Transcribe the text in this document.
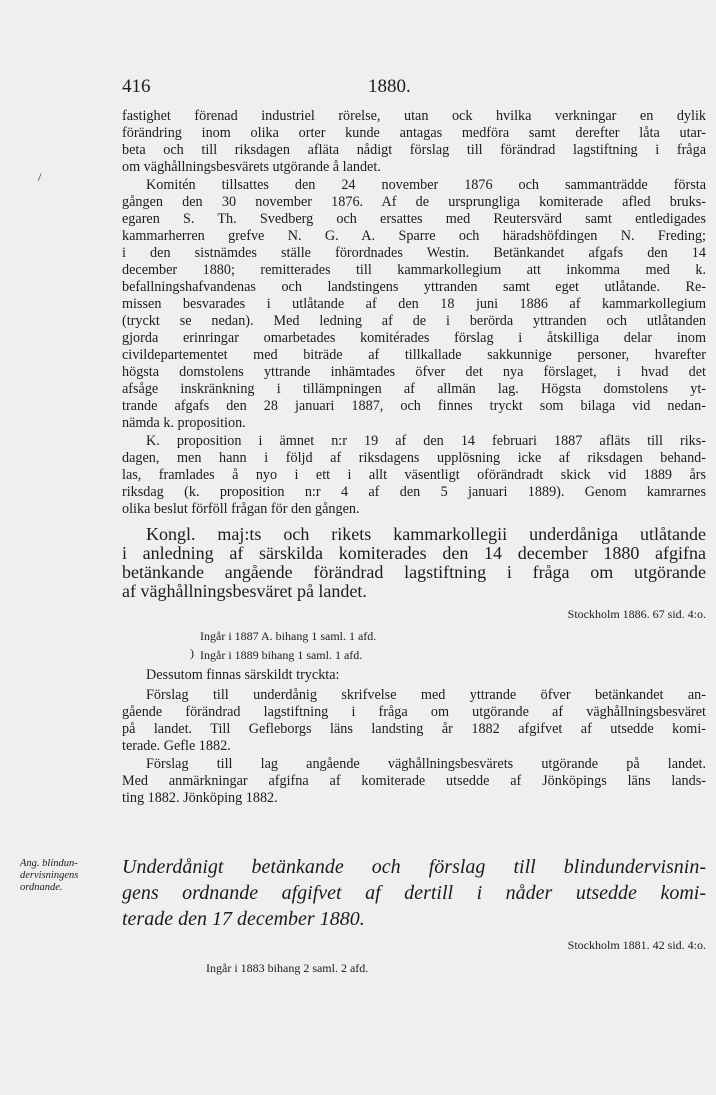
416	1880.
/
fastighet förenad industriel rörelse, utan ock hvilka verkningar en dylik
förändring inom olika orter kunde antagas medföra samt derefter låta utar-
beta och till riksdagen afläta nådigt förslag till förändrad lagstiftning i fråga
om väghållningsbesvärets utgörande å landet.
Komitén tillsattes den 24 november 1876 och sammanträdde första
gången den 30 november 1876. Af de ursprungliga komiterade afled bruks-
egaren S. Th. Svedberg och ersattes med Reutersvärd samt entledigades
kammarherren grefve N. G. A. Sparre och häradshöfdingen N. Freding;
i den sistnämdes ställe förordnades Westin. Betänkandet afgafs den 14
december 1880; remitterades till kammarkollegium att inkomma med k.
befallningshafvandenas och landstingens yttranden samt eget utlåtande. Re-
missen besvarades i utlåtande af den 18 juni 1886 af kammarkollegium
(tryckt se nedan). Med ledning af de i berörda yttranden och utlåtanden
gjorda erinringar omarbetades komitérades förslag i åtskilliga delar inom
civildepartementet med biträde af tillkallade sakkunnige personer, hvarefter
högsta domstolens yttrande inhämtades öfver det nya förslaget, i hvad det
afsåge inskränkning i tillämpningen af allmän lag. Högsta domstolens yt-
trande afgafs den 28 januari 1887, och finnes tryckt som bilaga vid nedan-
nämda k. proposition.
K. proposition i ämnet n:r 19 af den 14 februari 1887 afläts till riks-
dagen, men hann i följd af riksdagens upplösning icke af riksdagen behand-
las, framlades å nyo i ett i allt väsentligt oförändradt skick vid 1889 års
riksdag (k. proposition n:r 4 af den 5 januari 1889). Genom kamrarnes
olika beslut förföll frågan för den gången.
Kongl. maj:ts och rikets kammarkollegii underdåniga utlåtande
i anledning af särskilda komiterades den 14 december 1880 afgifna
betänkande angående förändrad lagstiftning i fråga om utgörande
af väghållningsbesväret på landet.
Stockholm 1886. 67 sid. 4:o.
Ingår i 1887 A. bihang 1 saml. 1 afd.
) Ingår i 1889 bihang 1 saml. 1 afd.
Dessutom finnas särskildt tryckta:
Förslag till underdånig skrifvelse med yttrande öfver betänkandet an-
gående förändrad lagstiftning i fråga om utgörande af väghållningsbesväret
på landet. Till Gefleborgs läns landsting år 1882 afgifvet af utsedde komi-
terade. Gefle 1882.
Förslag till lag angående väghållningsbesvärets utgörande på landet.
Med anmärkningar afgifna af komiterade utsedde af Jönköpings läns lands-
ting 1882. Jönköping 1882.
Ang. blindun-
dervisningens
ordnande.
Underdånigt betänkande och förslag till blindundervisnin-
gens ordnande afgifvet af dertill i nåder utsedde komi-
terade den 17 december 1880.
Stockholm 1881. 42 sid. 4:o.
Ingår i 1883 bihang 2 saml. 2 afd.
